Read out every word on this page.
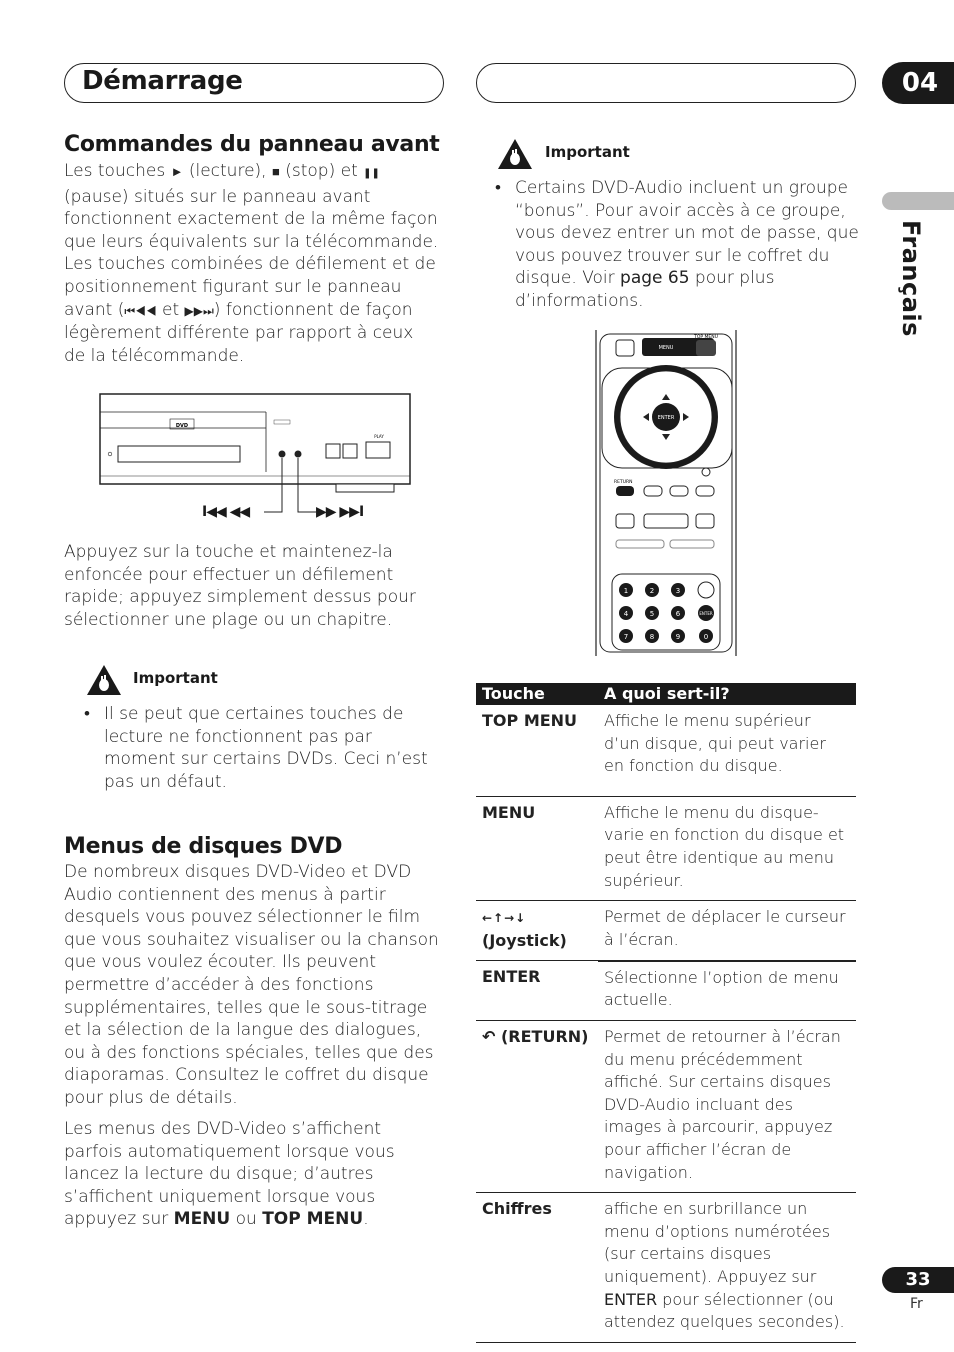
Démarrage	04
Français
Commandes du panneau avant
Les touches ► (lecture), ■ (stop) et ❚❚ (pause) situés sur le panneau avant fonctionnent exactement de la même façon que leurs équivalents sur la télécommande. Les touches combinées de défilement et de positionnement figurant sur le panneau avant (⏮◀◀ et ▶▶⏭) fonctionnent de façon légèrement différente par rapport à ceux de la télécommande.
DVD
PLAY
I◀◀ ◀◀	▶▶ ▶▶I
Appuyez sur la touche et maintenez-la enfoncée pour effectuer un défilement rapide; appuyez simplement dessus pour sélectionner une plage ou un chapitre.
Important
• Il se peut que certaines touches de lecture ne fonctionnent pas par moment sur certains DVDs. Ceci n’est pas un défaut.
Menus de disques DVD
De nombreux disques DVD-Video et DVD Audio contiennent des menus à partir desquels vous pouvez sélectionner le film que vous souhaitez visualiser ou la chanson que vous voulez écouter. Ils peuvent permettre d’accéder à des fonctions supplémentaires, telles que le sous-titrage et la sélection de la langue des dialogues, ou à des fonctions spéciales, telles que des diaporamas. Consultez le coffret du disque pour plus de détails.
Les menus des DVD-Video s’affichent parfois automatiquement lorsque vous lancez la lecture du disque; d’autres s’affichent uniquement lorsque vous appuyez sur MENU ou TOP MENU.
Important
• Certains DVD-Audio incluent un groupe “bonus”. Pour avoir accès à ce groupe, vous devez entrer un mot de passe, que vous pouvez trouver sur le coffret du disque. Voir page 65 pour plus d’informations.
MENU
TOP MENU
ENTER
RETURN
1	2	3
4	5	6	ENTER
7	8	9	0
Touche	A quoi sert-il?
TOP MENU	Affiche le menu supérieur d’un disque, qui peut varier en fonction du disque.
MENU	Affiche le menu du disque- varie en fonction du disque et peut être identique au menu supérieur.
←↑→↓
(Joystick)	Permet de déplacer le curseur à l’écran.
ENTER	Sélectionne l’option de menu actuelle.
↶ (RETURN)	Permet de retourner à l’écran du menu précédemment affiché. Sur certains disques DVD-Audio incluant des images à parcourir, appuyez pour afficher l’écran de navigation.
Chiffres	affiche en surbrillance un menu d’options numérotées (sur certains disques uniquement). Appuyez sur ENTER pour sélectionner (ou attendez quelques secondes).
33
Fr
